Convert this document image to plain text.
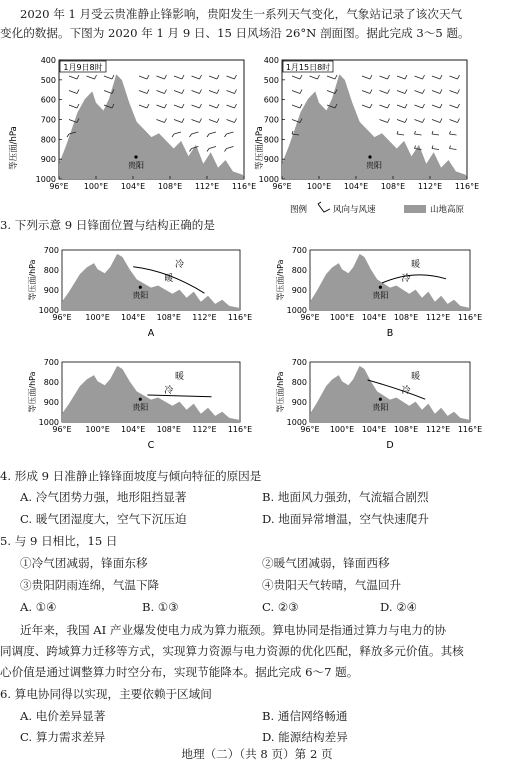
2020 年 1 月受云贵准静止锋影响，贵阳发生一系列天气变化，气象站记录了该次天气
变化的数据。下图为 2020 年 1 月 9 日、15 日风场沿 26°N 剖面图。据此完成 3～5 题。
等压面/hPa
400
500
600
700
800
900
1000
96°E 100°E 104°E 108°E 112°E 116°E
1月9日8时
贵阳	等压面/hPa
400
500
600
700
800
900
1000
96°E 100°E 104°E 108°E 112°E 116°E
1月15日8时
贵阳
图例	风向与风速	山地高原
3. 下列示意 9 日锋面位置与结构正确的是
等压面/hPa
700
800
900
1000
96°E 100°E 104°E 108°E 112°E 116°E
贵阳
冷
暖
A
等压面/hPa
700
800
900
1000
96°E 100°E 104°E 108°E 112°E 116°E
贵阳
暖
冷
B
等压面/hPa
700
800
900
1000
96°E 100°E 104°E 108°E 112°E 116°E
贵阳
暖
冷
C
等压面/hPa
700
800
900
1000
96°E 100°E 104°E 108°E 112°E 116°E
贵阳
暖
冷
D
4. 形成 9 日准静止锋锋面坡度与倾向特征的原因是
A. 冷气团势力强，地形阻挡显著	B. 地面风力强劲，气流辐合剧烈
C. 暖气团湿度大，空气下沉压迫	D. 地面异常增温，空气快速爬升
5. 与 9 日相比，15 日
①冷气团减弱，锋面东移	②暖气团减弱，锋面西移
③贵阳阴雨连绵，气温下降	④贵阳天气转晴，气温回升
A. ①④	B. ①③	C. ②③	D. ②④
近年来，我国 AI 产业爆发使电力成为算力瓶颈。算电协同是指通过算力与电力的协
同调度、跨域算力迁移等方式，实现算力资源与电力资源的优化匹配，释放多元价值。其核
心价值是通过调整算力时空分布，实现节能降本。据此完成 6～7 题。
6. 算电协同得以实现，主要依赖于区域间
A. 电价差异显著	B. 通信网络畅通
C. 算力需求差异	D. 能源结构差异
地理（二）（共 8 页）第 2 页
